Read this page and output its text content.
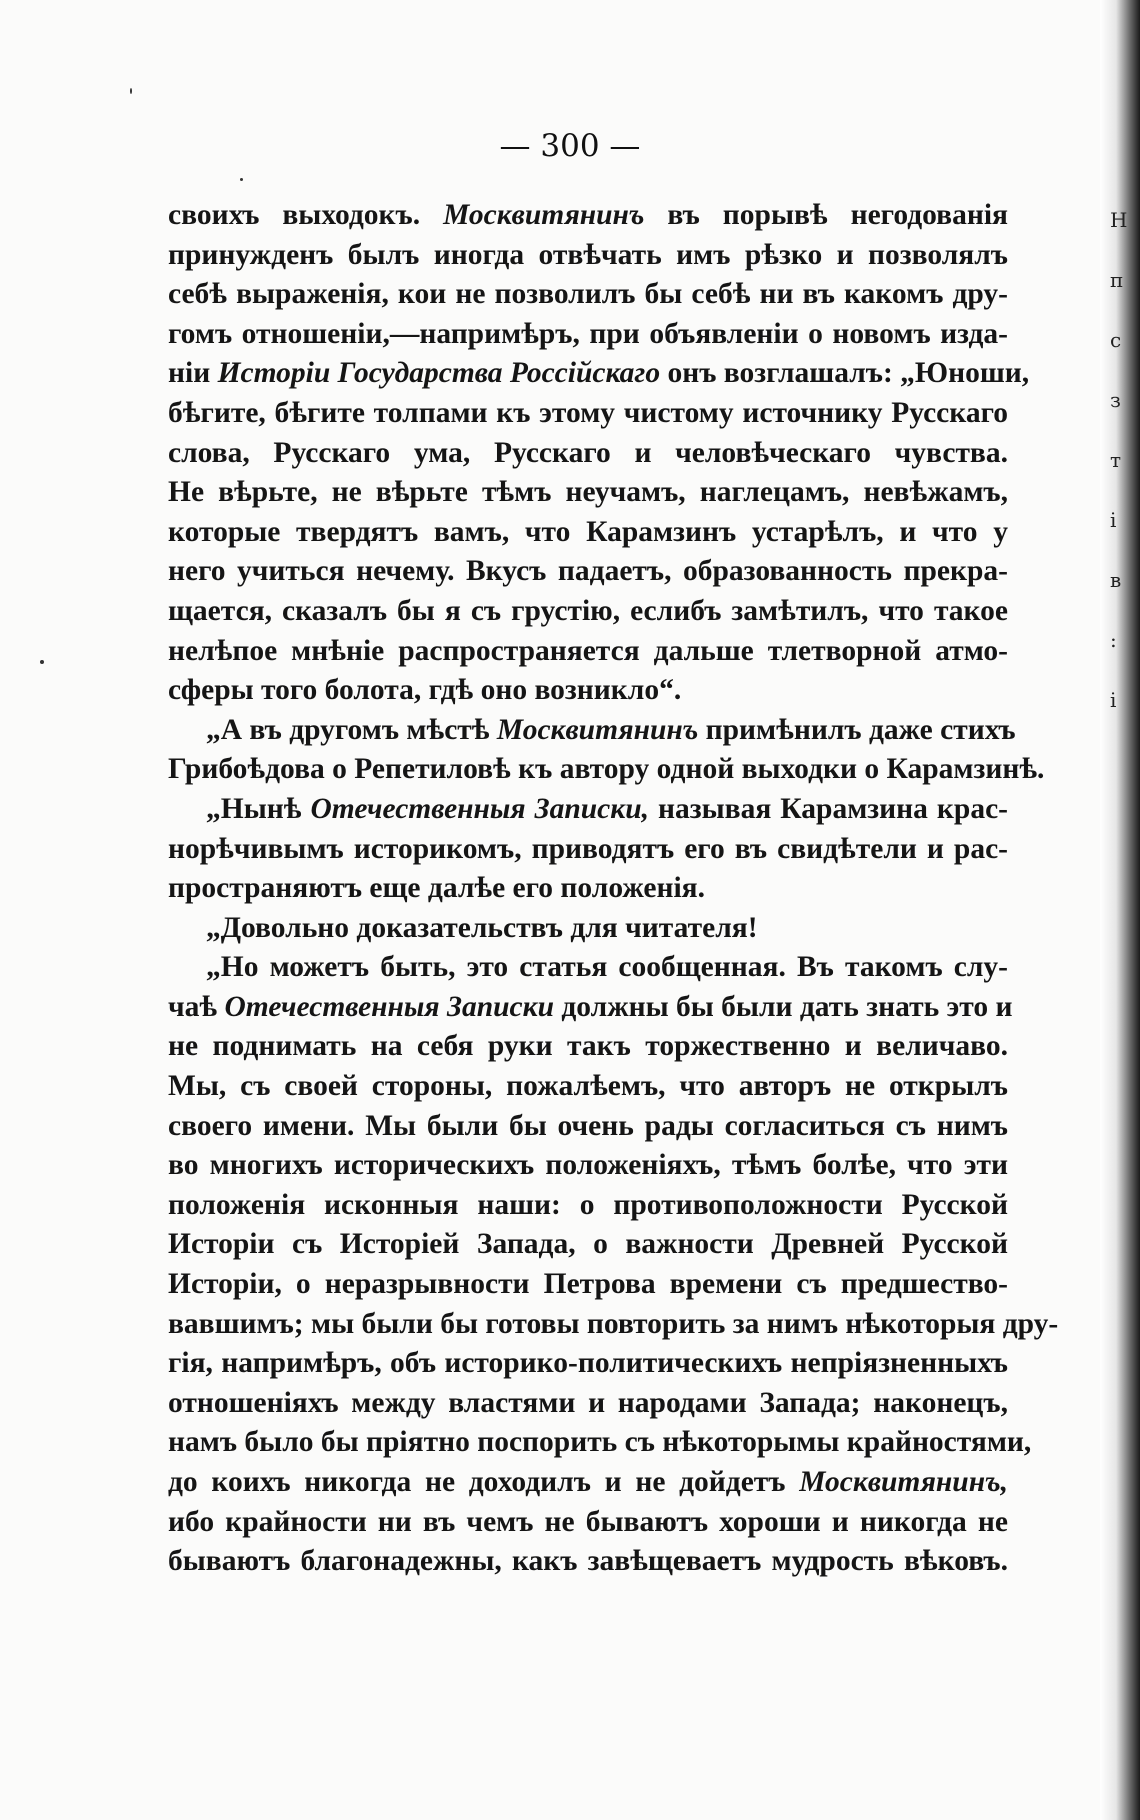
Н
п
с
з
т
і
в
:
і
— 300 —
своихъ выходокъ. Москвитянинъ въ порывѣ негодованія
принужденъ былъ иногда отвѣчать имъ рѣзко и позволялъ
себѣ выраженія, кои не позволилъ бы себѣ ни въ какомъ дру-
гомъ отношеніи,—напримѣръ, при объявленіи о новомъ изда-
ніи Исторіи Государства Россійскаго онъ возглашалъ: „Юноши,
бѣгите, бѣгите толпами къ этому чистому источнику Русскаго
слова, Русскаго ума, Русскаго и человѣческаго чувства.
Не вѣрьте, не вѣрьте тѣмъ неучамъ, наглецамъ, невѣжамъ,
которые твердятъ вамъ, что Карамзинъ устарѣлъ, и что у
него учиться нечему. Вкусъ падаетъ, образованность прекра-
щается, сказалъ бы я съ грустію, еслибъ замѣтилъ, что такое
нелѣпое мнѣніе распространяется дальше тлетворной атмо-
сферы того болота, гдѣ оно возникло“.
„А въ другомъ мѣстѣ Москвитянинъ примѣнилъ даже стихъ
Грибоѣдова о Репетиловѣ къ автору одной выходки о Карамзинѣ.
„Нынѣ Отечественныя Записки, называя Карамзина крас-
норѣчивымъ историкомъ, приводятъ его въ свидѣтели и рас-
пространяютъ еще далѣе его положенія.
„Довольно доказательствъ для читателя!
„Но можетъ быть, это статья сообщенная. Въ такомъ слу-
чаѣ Отечественныя Записки должны бы были дать знать это и
не поднимать на себя руки такъ торжественно и величаво.
Мы, съ своей стороны, пожалѣемъ, что авторъ не открылъ
своего имени. Мы были бы очень рады согласиться съ нимъ
во многихъ историческихъ положеніяхъ, тѣмъ болѣе, что эти
положенія исконныя наши: о противоположности Русской
Исторіи съ Исторіей Запада, о важности Древней Русской
Исторіи, о неразрывности Петрова времени съ предшество-
вавшимъ; мы были бы готовы повторить за нимъ нѣкоторыя дру-
гія, напримѣръ, объ историко-политическихъ непріязненныхъ
отношеніяхъ между властями и народами Запада; наконецъ,
намъ было бы пріятно поспорить съ нѣкоторымы крайностями,
до коихъ никогда не доходилъ и не дойдетъ Москвитянинъ,
ибо крайности ни въ чемъ не бываютъ хороши и никогда не
бываютъ благонадежны, какъ завѣщеваетъ мудрость вѣковъ.
